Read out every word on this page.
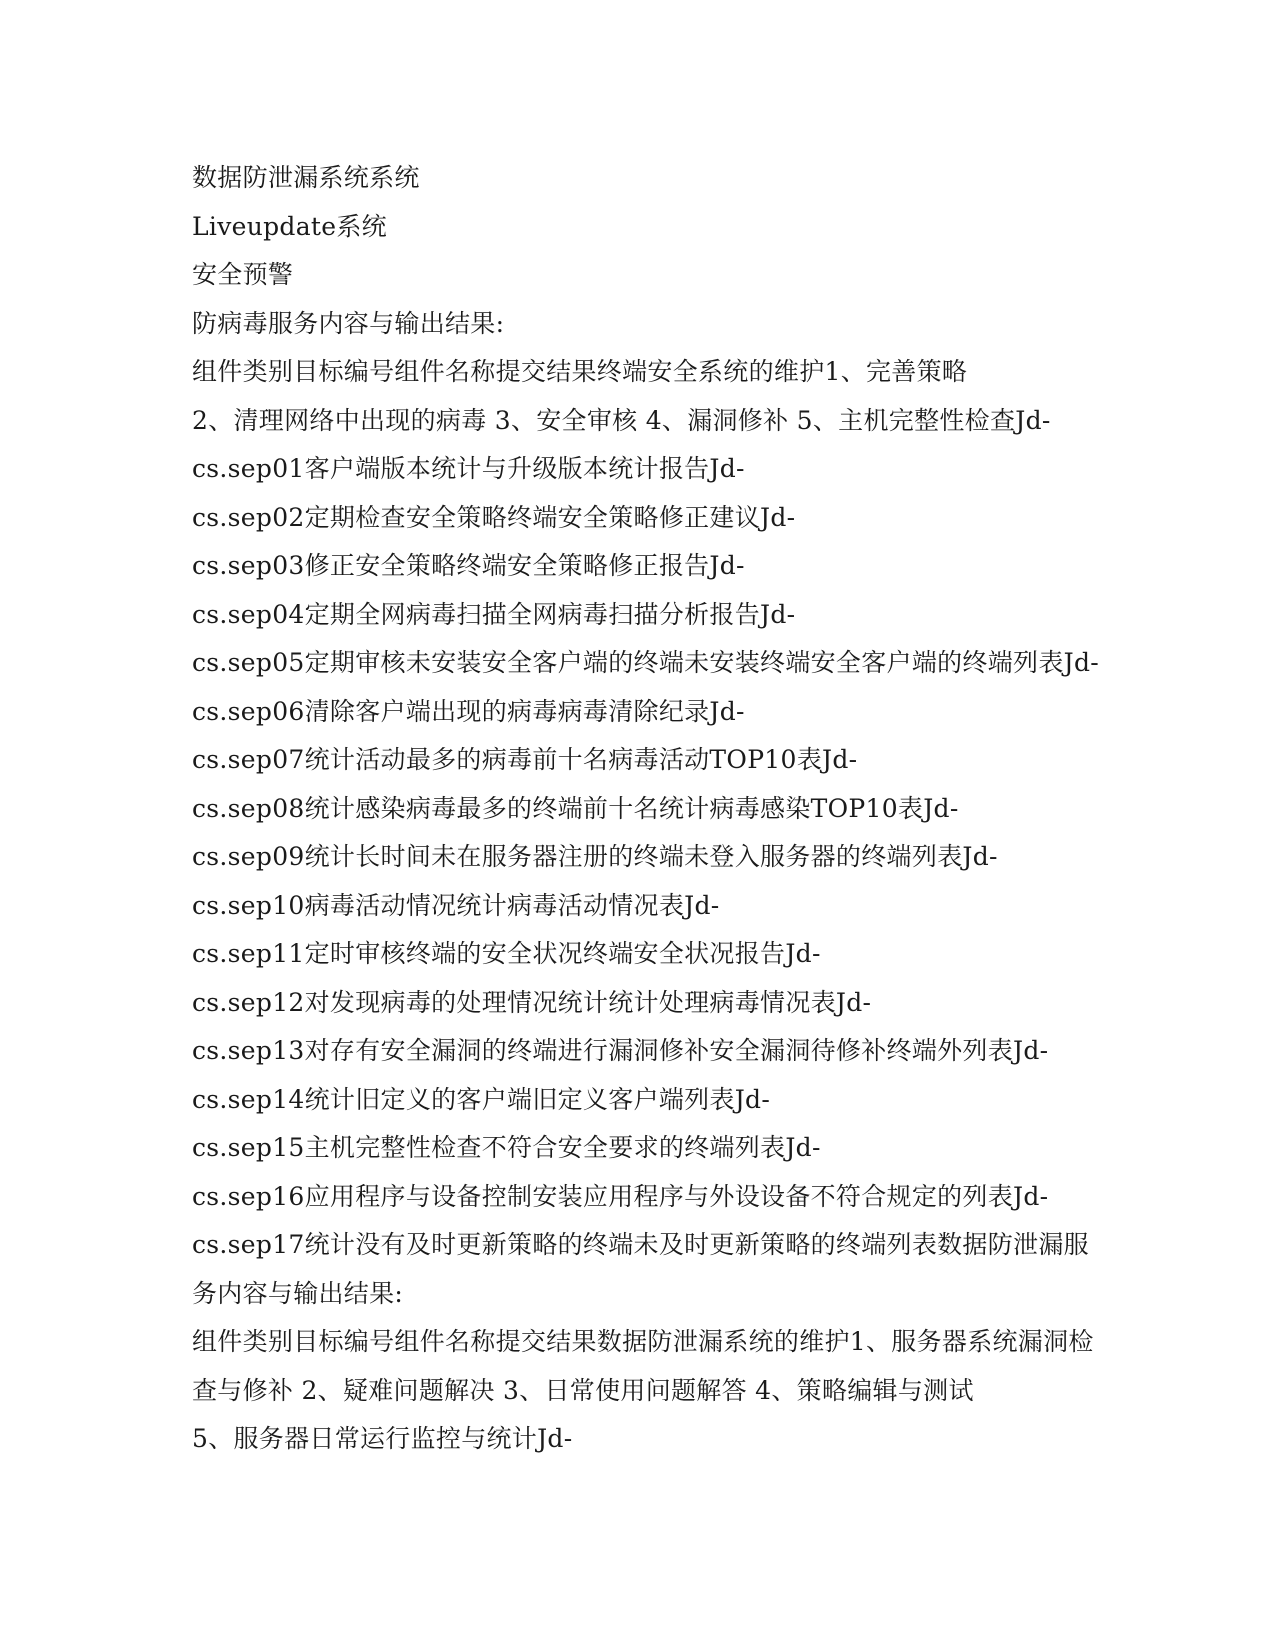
数据防泄漏系统系统
Liveupdate系统
安全预警
防病毒服务内容与输出结果:
组件类别目标编号组件名称提交结果终端安全系统的维护1、完善策略
2、清理网络中出现的病毒 3、安全审核 4、漏洞修补 5、主机完整性检查Jd-
cs.sep01客户端版本统计与升级版本统计报告Jd-
cs.sep02定期检查安全策略终端安全策略修正建议Jd-
cs.sep03修正安全策略终端安全策略修正报告Jd-
cs.sep04定期全网病毒扫描全网病毒扫描分析报告Jd-
cs.sep05定期审核未安装安全客户端的终端未安装终端安全客户端的终端列表Jd-
cs.sep06清除客户端出现的病毒病毒清除纪录Jd-
cs.sep07统计活动最多的病毒前十名病毒活动TOP10表Jd-
cs.sep08统计感染病毒最多的终端前十名统计病毒感染TOP10表Jd-
cs.sep09统计长时间未在服务器注册的终端未登入服务器的终端列表Jd-
cs.sep10病毒活动情况统计病毒活动情况表Jd-
cs.sep11定时审核终端的安全状况终端安全状况报告Jd-
cs.sep12对发现病毒的处理情况统计统计处理病毒情况表Jd-
cs.sep13对存有安全漏洞的终端进行漏洞修补安全漏洞待修补终端外列表Jd-
cs.sep14统计旧定义的客户端旧定义客户端列表Jd-
cs.sep15主机完整性检查不符合安全要求的终端列表Jd-
cs.sep16应用程序与设备控制安装应用程序与外设设备不符合规定的列表Jd-
cs.sep17统计没有及时更新策略的终端未及时更新策略的终端列表数据防泄漏服
务内容与输出结果:
组件类别目标编号组件名称提交结果数据防泄漏系统的维护1、服务器系统漏洞检
查与修补 2、疑难问题解决 3、日常使用问题解答 4、策略编辑与测试
5、服务器日常运行监控与统计Jd-
